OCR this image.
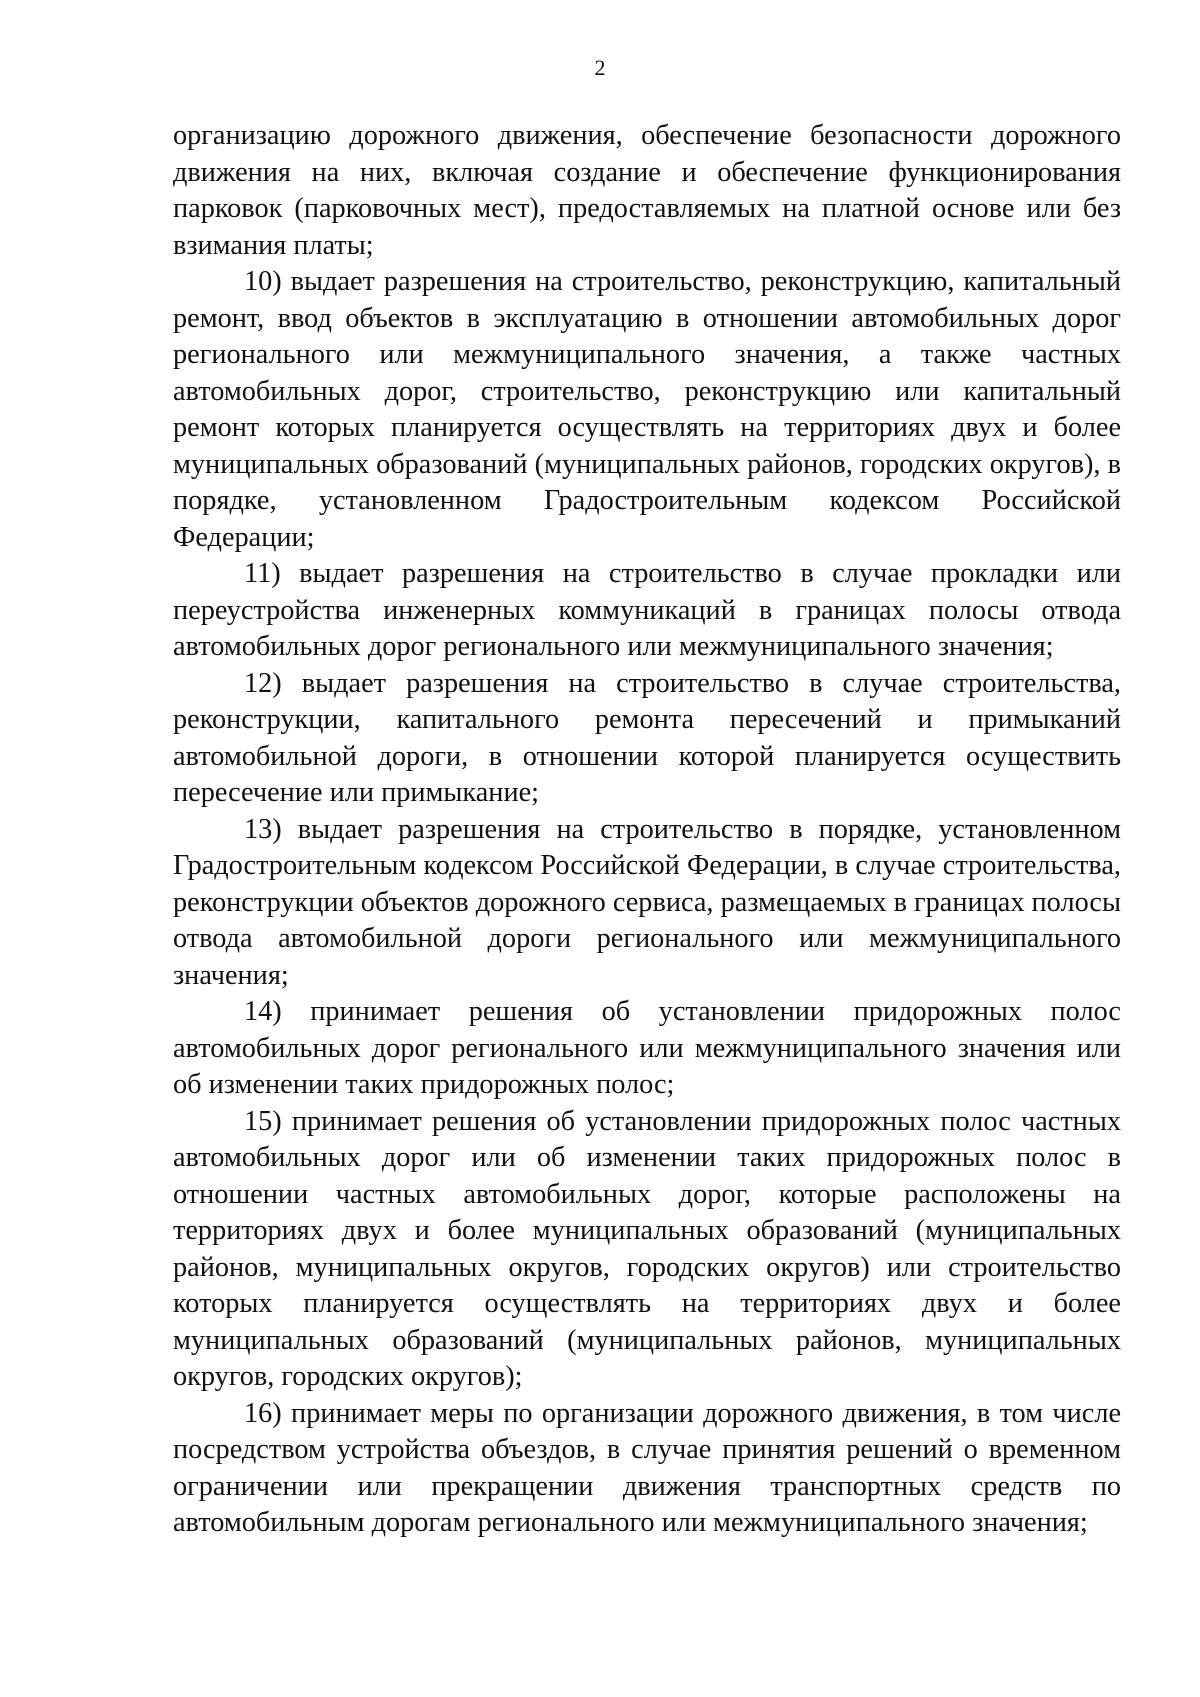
2

организацию дорожного движения, обеспечение безопасности дорожного движения на них, включая создание и обеспечение функционирования парковок (парковочных мест), предоставляемых на платной основе или без взимания платы;

10) выдает разрешения на строительство, реконструкцию, капитальный ремонт, ввод объектов в эксплуатацию в отношении автомобильных дорог регионального или межмуниципального значения, а также частных автомобильных дорог, строительство, реконструкцию или капитальный ремонт которых планируется осуществлять на территориях двух и более муниципальных образований (муниципальных районов, городских округов), в порядке, установленном Градостроительным кодексом Российской Федерации;

11) выдает разрешения на строительство в случае прокладки или переустройства инженерных коммуникаций в границах полосы отвода автомобильных дорог регионального или межмуниципального значения;

12) выдает разрешения на строительство в случае строительства, реконструкции, капитального ремонта пересечений и примыканий автомобильной дороги, в отношении которой планируется осуществить пересечение или примыкание;

13) выдает разрешения на строительство в порядке, установленном Градостроительным кодексом Российской Федерации, в случае строительства, реконструкции объектов дорожного сервиса, размещаемых в границах полосы отвода автомобильной дороги регионального или межмуниципального значения;

14) принимает решения об установлении придорожных полос автомобильных дорог регионального или межмуниципального значения или об изменении таких придорожных полос;

15) принимает решения об установлении придорожных полос частных автомобильных дорог или об изменении таких придорожных полос в отношении частных автомобильных дорог, которые расположены на территориях двух и более муниципальных образований (муниципальных районов, муниципальных округов, городских округов) или строительство которых планируется осуществлять на территориях двух и более муниципальных образований (муниципальных районов, муниципальных округов, городских округов);

16) принимает меры по организации дорожного движения, в том числе посредством устройства объездов, в случае принятия решений о временном ограничении или прекращении движения транспортных средств по автомобильным дорогам регионального или межмуниципального значения;
